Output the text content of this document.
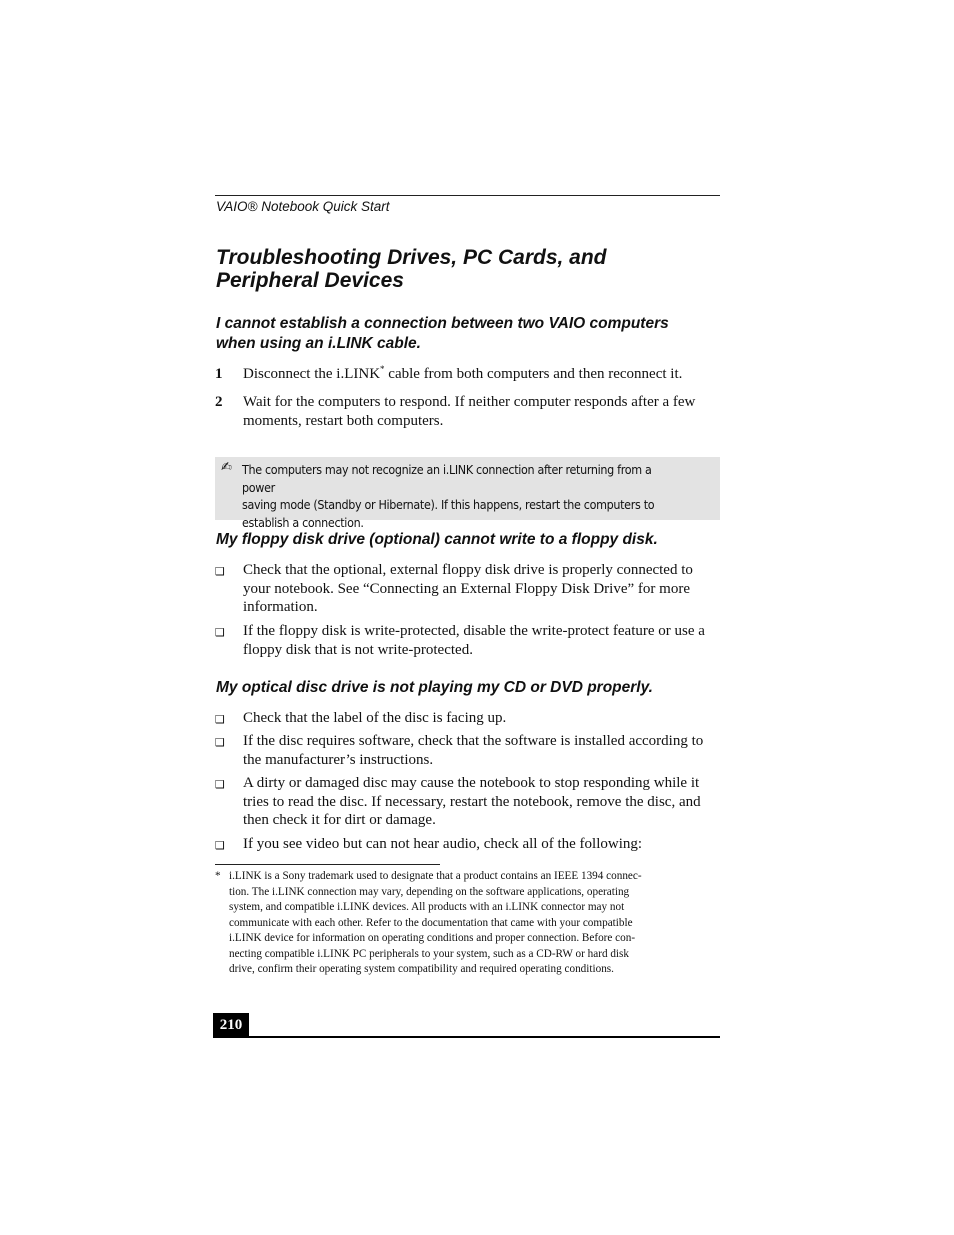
VAIO® Notebook Quick Start
Troubleshooting Drives, PC Cards, and
Peripheral Devices
I cannot establish a connection between two VAIO computers
when using an i.LINK cable.
1 Disconnect the i.LINK* cable from both computers and then reconnect it.
2 Wait for the computers to respond. If neither computer responds after a few
moments, restart both computers.
✍ The computers may not recognize an i.LINK connection after returning from a power
saving mode (Standby or Hibernate). If this happens, restart the computers to
establish a connection.
My floppy disk drive (optional) cannot write to a floppy disk.
❑ Check that the optional, external floppy disk drive is properly connected to
your notebook. See “Connecting an External Floppy Disk Drive” for more
information.
❑ If the floppy disk is write-protected, disable the write-protect feature or use a
floppy disk that is not write-protected.
My optical disc drive is not playing my CD or DVD properly.
❑ Check that the label of the disc is facing up.
❑ If the disc requires software, check that the software is installed according to
the manufacturer’s instructions.
❑ A dirty or damaged disc may cause the notebook to stop responding while it
tries to read the disc. If necessary, restart the notebook, remove the disc, and
then check it for dirt or damage.
❑ If you see video but can not hear audio, check all of the following:
* i.LINK is a Sony trademark used to designate that a product contains an IEEE 1394 connec-
tion. The i.LINK connection may vary, depending on the software applications, operating
system, and compatible i.LINK devices. All products with an i.LINK connector may not
communicate with each other. Refer to the documentation that came with your compatible
i.LINK device for information on operating conditions and proper connection. Before con-
necting compatible i.LINK PC peripherals to your system, such as a CD-RW or hard disk
drive, confirm their operating system compatibility and required operating conditions.
210
